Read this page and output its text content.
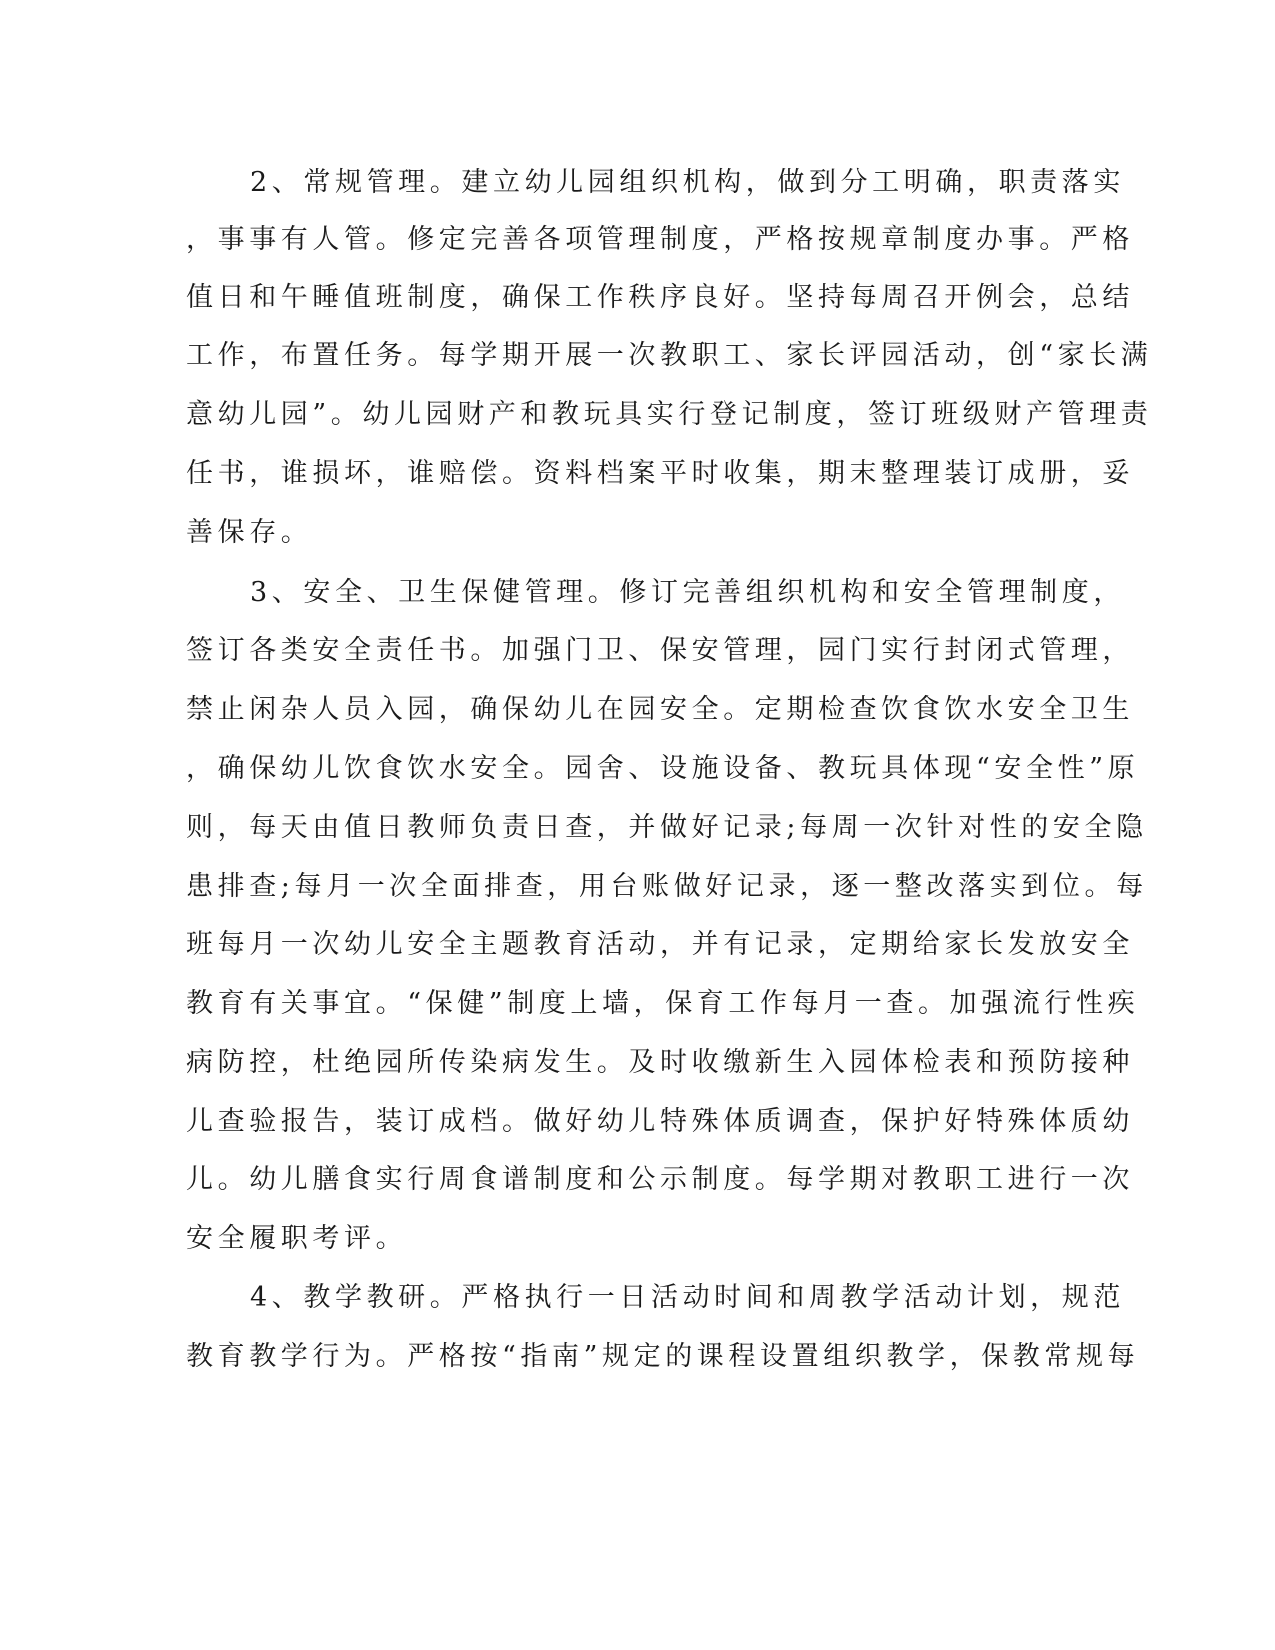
2、常规管理。建立幼儿园组织机构，做到分工明确，职责落实
，事事有人管。修定完善各项管理制度，严格按规章制度办事。严格
值日和午睡值班制度，确保工作秩序良好。坚持每周召开例会，总结
工作，布置任务。每学期开展一次教职工、家长评园活动，创“家长满
意幼儿园”。幼儿园财产和教玩具实行登记制度，签订班级财产管理责
任书，谁损坏，谁赔偿。资料档案平时收集，期末整理装订成册，妥
善保存。
3、安全、卫生保健管理。修订完善组织机构和安全管理制度，
签订各类安全责任书。加强门卫、保安管理，园门实行封闭式管理，
禁止闲杂人员入园，确保幼儿在园安全。定期检查饮食饮水安全卫生
，确保幼儿饮食饮水安全。园舍、设施设备、教玩具体现“安全性”原
则，每天由值日教师负责日查，并做好记录;每周一次针对性的安全隐
患排查;每月一次全面排查，用台账做好记录，逐一整改落实到位。每
班每月一次幼儿安全主题教育活动，并有记录，定期给家长发放安全
教育有关事宜。“保健”制度上墙，保育工作每月一查。加强流行性疾
病防控，杜绝园所传染病发生。及时收缴新生入园体检表和预防接种
儿查验报告，装订成档。做好幼儿特殊体质调查，保护好特殊体质幼
儿。幼儿膳食实行周食谱制度和公示制度。每学期对教职工进行一次
安全履职考评。
4、教学教研。严格执行一日活动时间和周教学活动计划，规范
教育教学行为。严格按“指南”规定的课程设置组织教学，保教常规每
